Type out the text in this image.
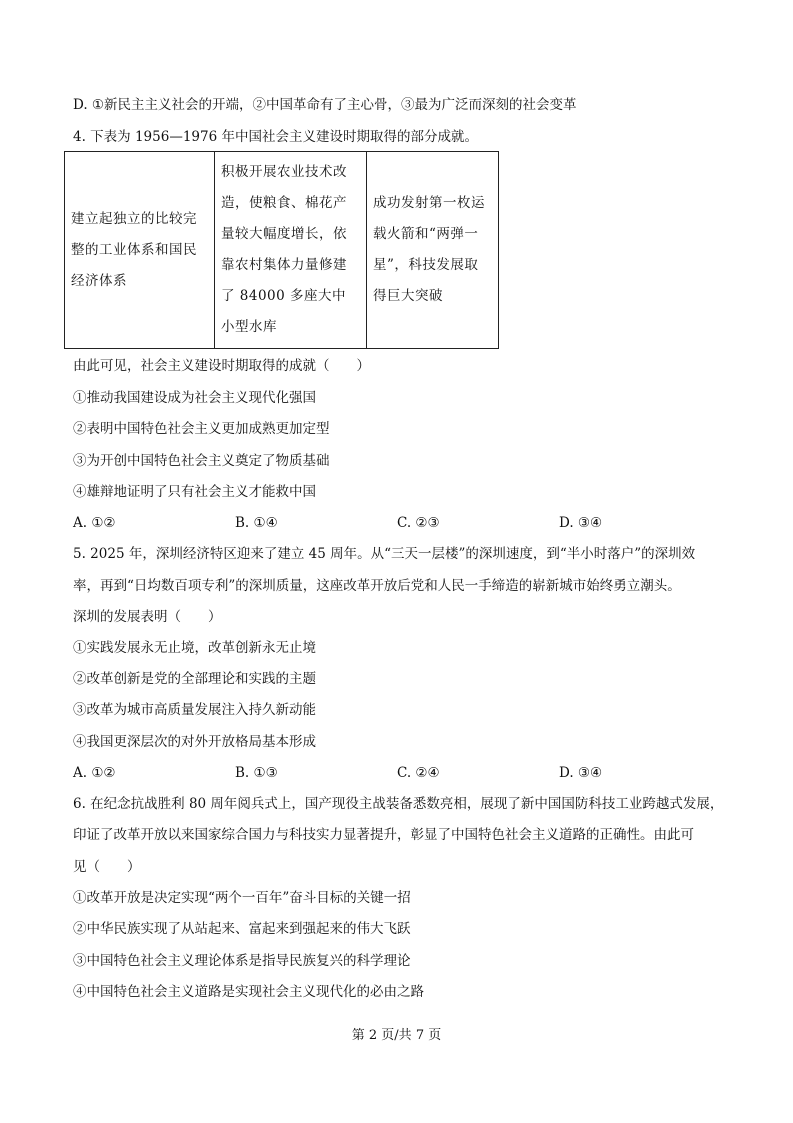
D. ①新民主主义社会的开端，②中国革命有了主心骨，③最为广泛而深刻的社会变革
4. 下表为 1956—1976 年中国社会主义建设时期取得的部分成就。
建立起独立的比较完整的工业体系和国民经济体系	积极开展农业技术改造，使粮食、棉花产量较大幅度增长，依靠农村集体力量修建了 84000 多座大中小型水库	成功发射第一枚运载火箭和“两弹一星”，科技发展取得巨大突破
由此可见，社会主义建设时期取得的成就（　　）
①推动我国建设成为社会主义现代化强国
②表明中国特色社会主义更加成熟更加定型
③为开创中国特色社会主义奠定了物质基础
④雄辩地证明了只有社会主义才能救中国
A. ①②	B. ①④	C. ②③	D. ③④
5. 2025 年，深圳经济特区迎来了建立 45 周年。从“三天一层楼”的深圳速度，到“半小时落户”的深圳效
率，再到“日均数百项专利”的深圳质量，这座改革开放后党和人民一手缔造的崭新城市始终勇立潮头。
深圳的发展表明（　　）
①实践发展永无止境，改革创新永无止境
②改革创新是党的全部理论和实践的主题
③改革为城市高质量发展注入持久新动能
④我国更深层次的对外开放格局基本形成
A. ①②	B. ①③	C. ②④	D. ③④
6. 在纪念抗战胜利 80 周年阅兵式上，国产现役主战装备悉数亮相，展现了新中国国防科技工业跨越式发展，
印证了改革开放以来国家综合国力与科技实力显著提升，彰显了中国特色社会主义道路的正确性。由此可
见（　　）
①改革开放是决定实现“两个一百年”奋斗目标的关键一招
②中华民族实现了从站起来、富起来到强起来的伟大飞跃
③中国特色社会主义理论体系是指导民族复兴的科学理论
④中国特色社会主义道路是实现社会主义现代化的必由之路
第 2 页/共 7 页
